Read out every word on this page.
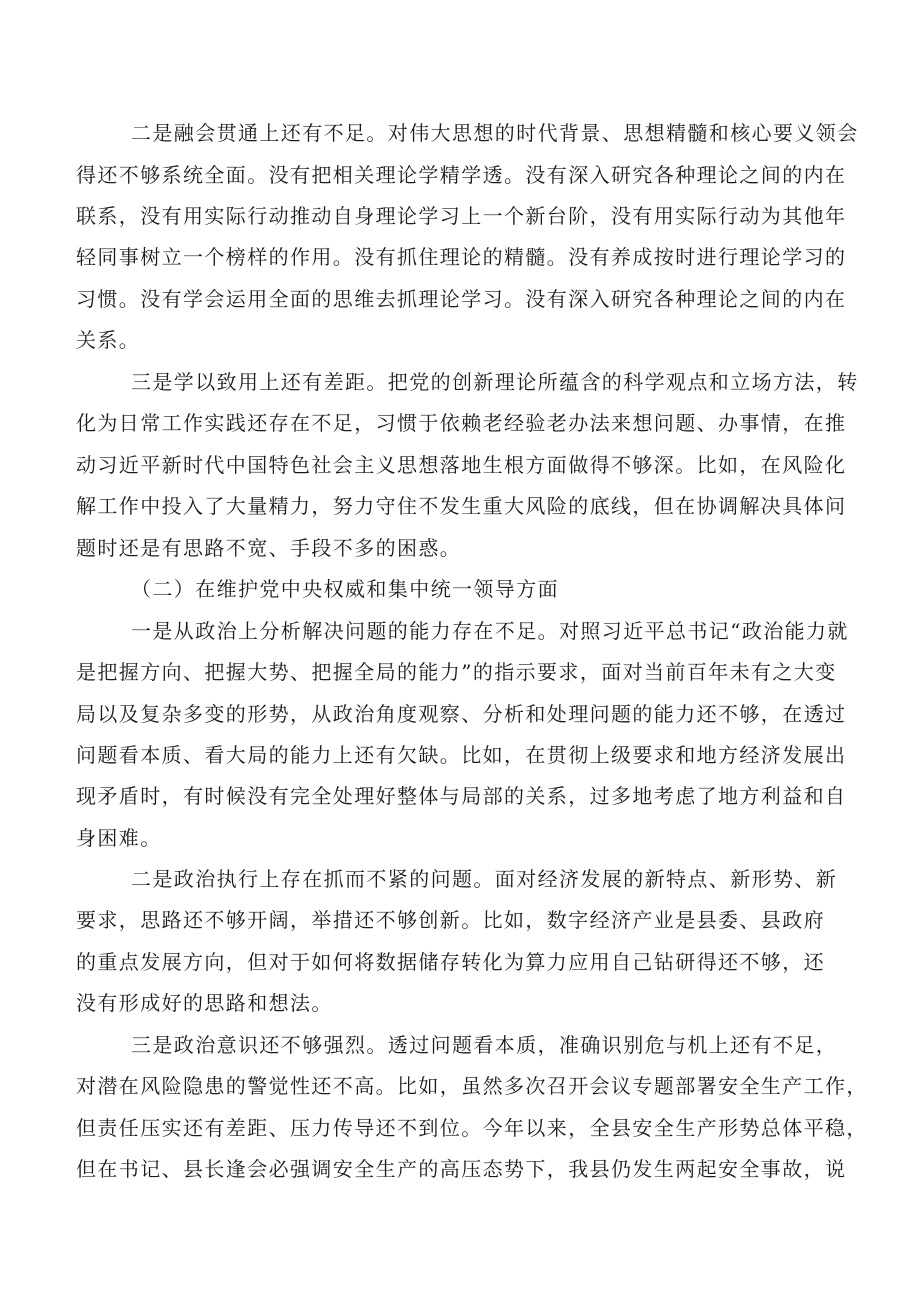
二是融会贯通上还有不足。对伟大思想的时代背景、思想精髓和核心要义领会
得还不够系统全面。没有把相关理论学精学透。没有深入研究各种理论之间的内在
联系，没有用实际行动推动自身理论学习上一个新台阶，没有用实际行动为其他年
轻同事树立一个榜样的作用。没有抓住理论的精髓。没有养成按时进行理论学习的
习惯。没有学会运用全面的思维去抓理论学习。没有深入研究各种理论之间的内在
关系。
三是学以致用上还有差距。把党的创新理论所蕴含的科学观点和立场方法，转
化为日常工作实践还存在不足，习惯于依赖老经验老办法来想问题、办事情，在推
动习近平新时代中国特色社会主义思想落地生根方面做得不够深。比如，在风险化
解工作中投入了大量精力，努力守住不发生重大风险的底线，但在协调解决具体问
题时还是有思路不宽、手段不多的困惑。
（二）在维护党中央权威和集中统一领导方面
一是从政治上分析解决问题的能力存在不足。对照习近平总书记“政治能力就
是把握方向、把握大势、把握全局的能力”的指示要求，面对当前百年未有之大变
局以及复杂多变的形势，从政治角度观察、分析和处理问题的能力还不够，在透过
问题看本质、看大局的能力上还有欠缺。比如，在贯彻上级要求和地方经济发展出
现矛盾时，有时候没有完全处理好整体与局部的关系，过多地考虑了地方利益和自
身困难。
二是政治执行上存在抓而不紧的问题。面对经济发展的新特点、新形势、新
要求，思路还不够开阔，举措还不够创新。比如，数字经济产业是县委、县政府
的重点发展方向，但对于如何将数据储存转化为算力应用自己钻研得还不够，还
没有形成好的思路和想法。
三是政治意识还不够强烈。透过问题看本质，准确识别危与机上还有不足，
对潜在风险隐患的警觉性还不高。比如，虽然多次召开会议专题部署安全生产工作，
但责任压实还有差距、压力传导还不到位。今年以来，全县安全生产形势总体平稳，
但在书记、县长逢会必强调安全生产的高压态势下，我县仍发生两起安全事故，说
